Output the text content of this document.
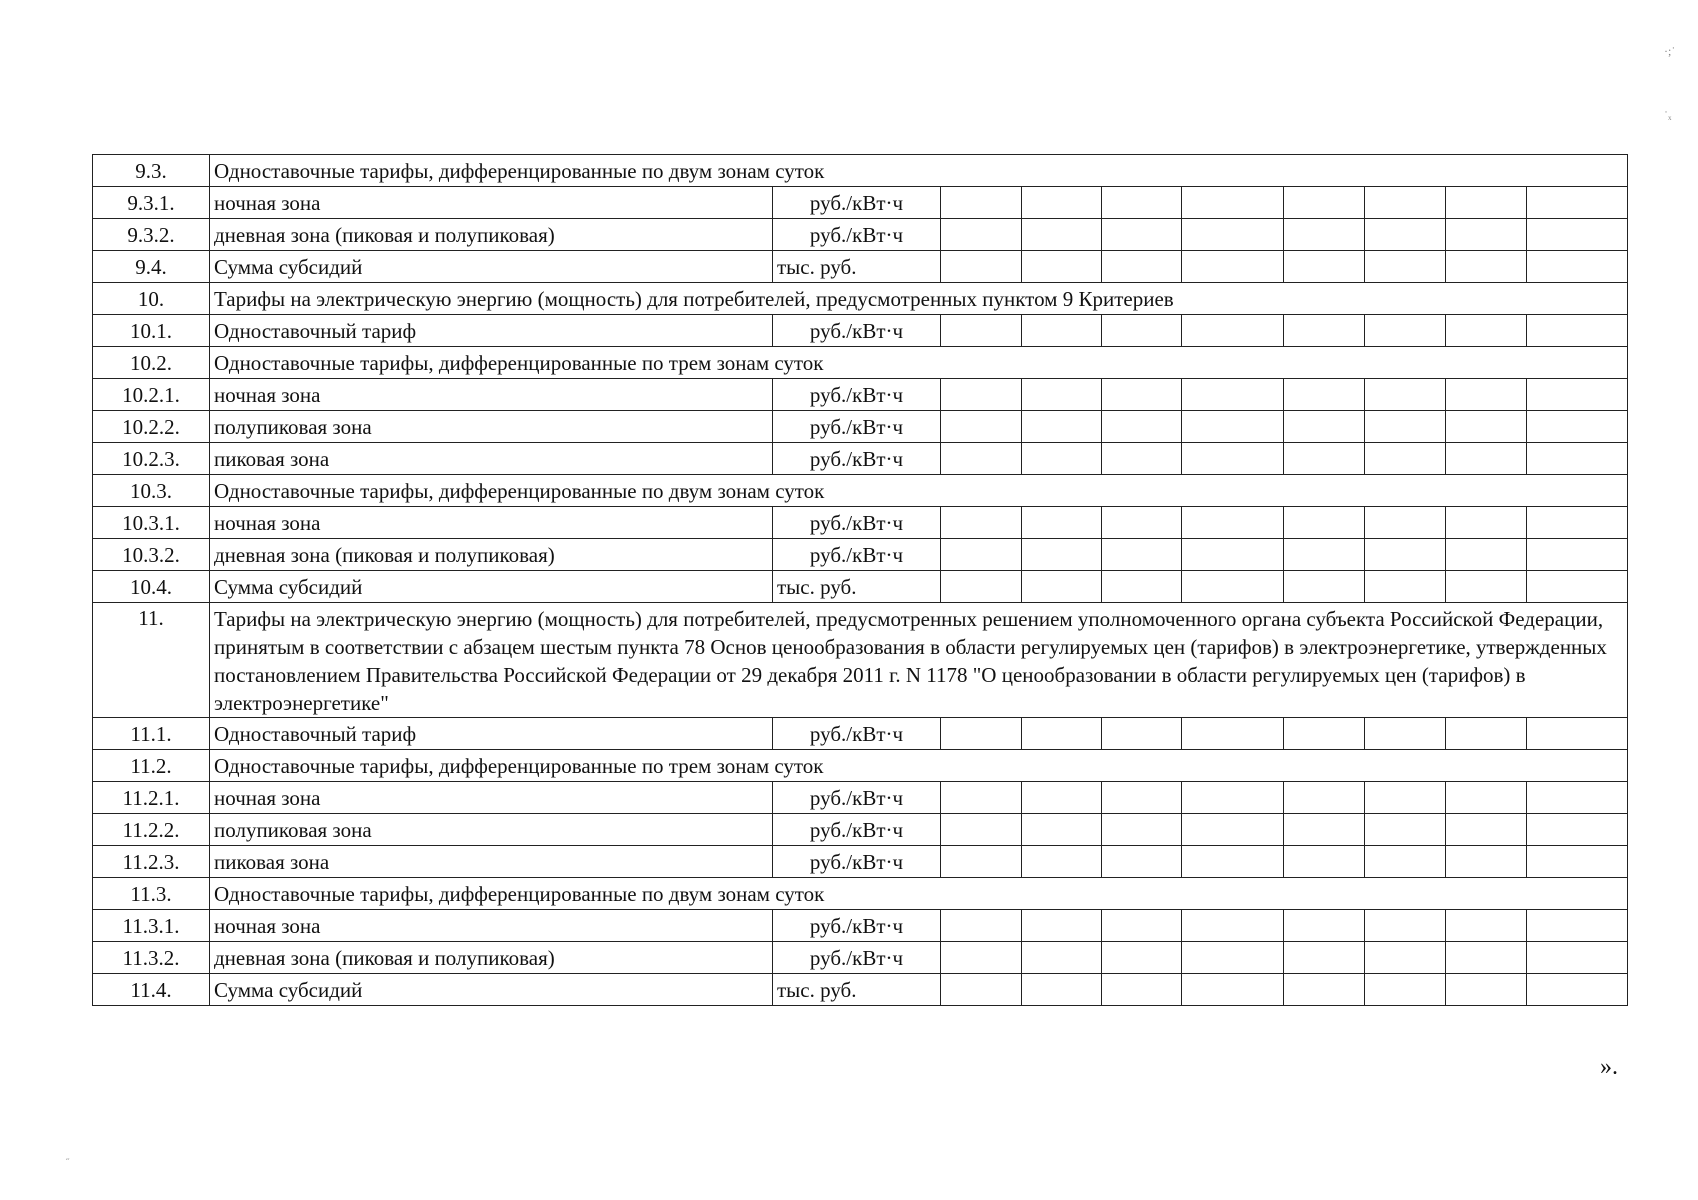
·;˙
˙ₓ
˝
9.3.	Одноставочные тарифы, дифференцированные по двум зонам суток									
9.3.1.	ночная зона	руб./кВт·ч								
9.3.2.	дневная зона (пиковая и полупиковая)	руб./кВт·ч								
9.4.	Сумма субсидий	тыс. руб.								
10.	Тарифы на электрическую энергию (мощность) для потребителей, предусмотренных пунктом 9 Критериев									
10.1.	Одноставочный тариф	руб./кВт·ч								
10.2.	Одноставочные тарифы, дифференцированные по трем зонам суток									
10.2.1.	ночная зона	руб./кВт·ч								
10.2.2.	полупиковая зона	руб./кВт·ч								
10.2.3.	пиковая зона	руб./кВт·ч								
10.3.	Одноставочные тарифы, дифференцированные по двум зонам суток									
10.3.1.	ночная зона	руб./кВт·ч								
10.3.2.	дневная зона (пиковая и полупиковая)	руб./кВт·ч								
10.4.	Сумма субсидий	тыс. руб.								
11.	Тарифы на электрическую энергию (мощность) для потребителей, предусмотренных решением уполномоченного органа субъекта Российской Федерации, принятым в соответствии с абзацем шестым пункта 78 Основ ценообразования в области регулируемых цен (тарифов) в электроэнергетике, утвержденных постановлением Правительства Российской Федерации от 29 декабря 2011 г. N 1178 "О ценообразовании в области регулируемых цен (тарифов) в электроэнергетике"									
11.1.	Одноставочный тариф	руб./кВт·ч								
11.2.	Одноставочные тарифы, дифференцированные по трем зонам суток									
11.2.1.	ночная зона	руб./кВт·ч								
11.2.2.	полупиковая зона	руб./кВт·ч								
11.2.3.	пиковая зона	руб./кВт·ч								
11.3.	Одноставочные тарифы, дифференцированные по двум зонам суток									
11.3.1.	ночная зона	руб./кВт·ч								
11.3.2.	дневная зона (пиковая и полупиковая)	руб./кВт·ч								
11.4.	Сумма субсидий	тыс. руб.								
».
